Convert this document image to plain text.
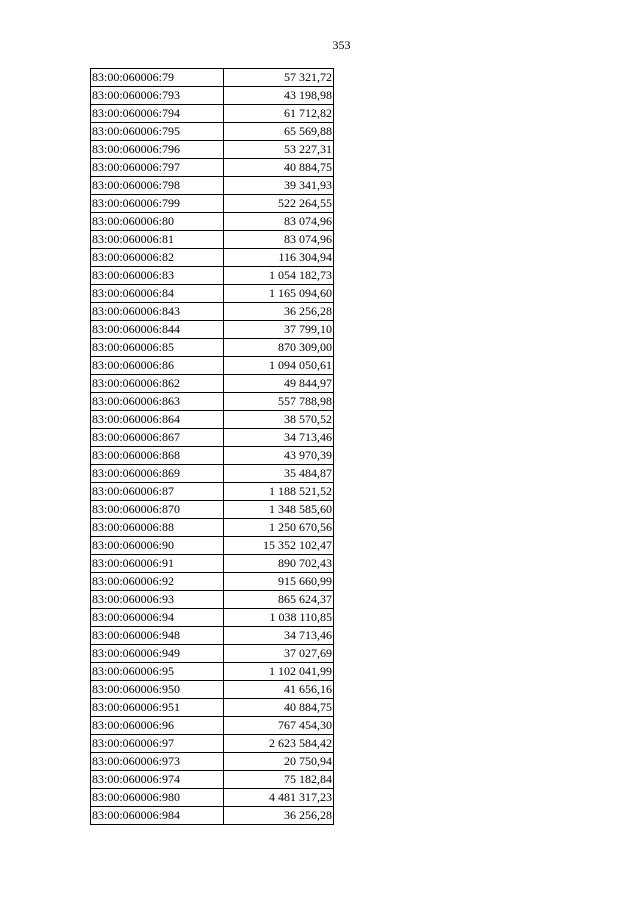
353
83:00:060006:79	57 321,72
83:00:060006:793	43 198,98
83:00:060006:794	61 712,82
83:00:060006:795	65 569,88
83:00:060006:796	53 227,31
83:00:060006:797	40 884,75
83:00:060006:798	39 341,93
83:00:060006:799	522 264,55
83:00:060006:80	83 074,96
83:00:060006:81	83 074,96
83:00:060006:82	116 304,94
83:00:060006:83	1 054 182,73
83:00:060006:84	1 165 094,60
83:00:060006:843	36 256,28
83:00:060006:844	37 799,10
83:00:060006:85	870 309,00
83:00:060006:86	1 094 050,61
83:00:060006:862	49 844,97
83:00:060006:863	557 788,98
83:00:060006:864	38 570,52
83:00:060006:867	34 713,46
83:00:060006:868	43 970,39
83:00:060006:869	35 484,87
83:00:060006:87	1 188 521,52
83:00:060006:870	1 348 585,60
83:00:060006:88	1 250 670,56
83:00:060006:90	15 352 102,47
83:00:060006:91	890 702,43
83:00:060006:92	915 660,99
83:00:060006:93	865 624,37
83:00:060006:94	1 038 110,85
83:00:060006:948	34 713,46
83:00:060006:949	37 027,69
83:00:060006:95	1 102 041,99
83:00:060006:950	41 656,16
83:00:060006:951	40 884,75
83:00:060006:96	767 454,30
83:00:060006:97	2 623 584,42
83:00:060006:973	20 750,94
83:00:060006:974	75 182,84
83:00:060006:980	4 481 317,23
83:00:060006:984	36 256,28
